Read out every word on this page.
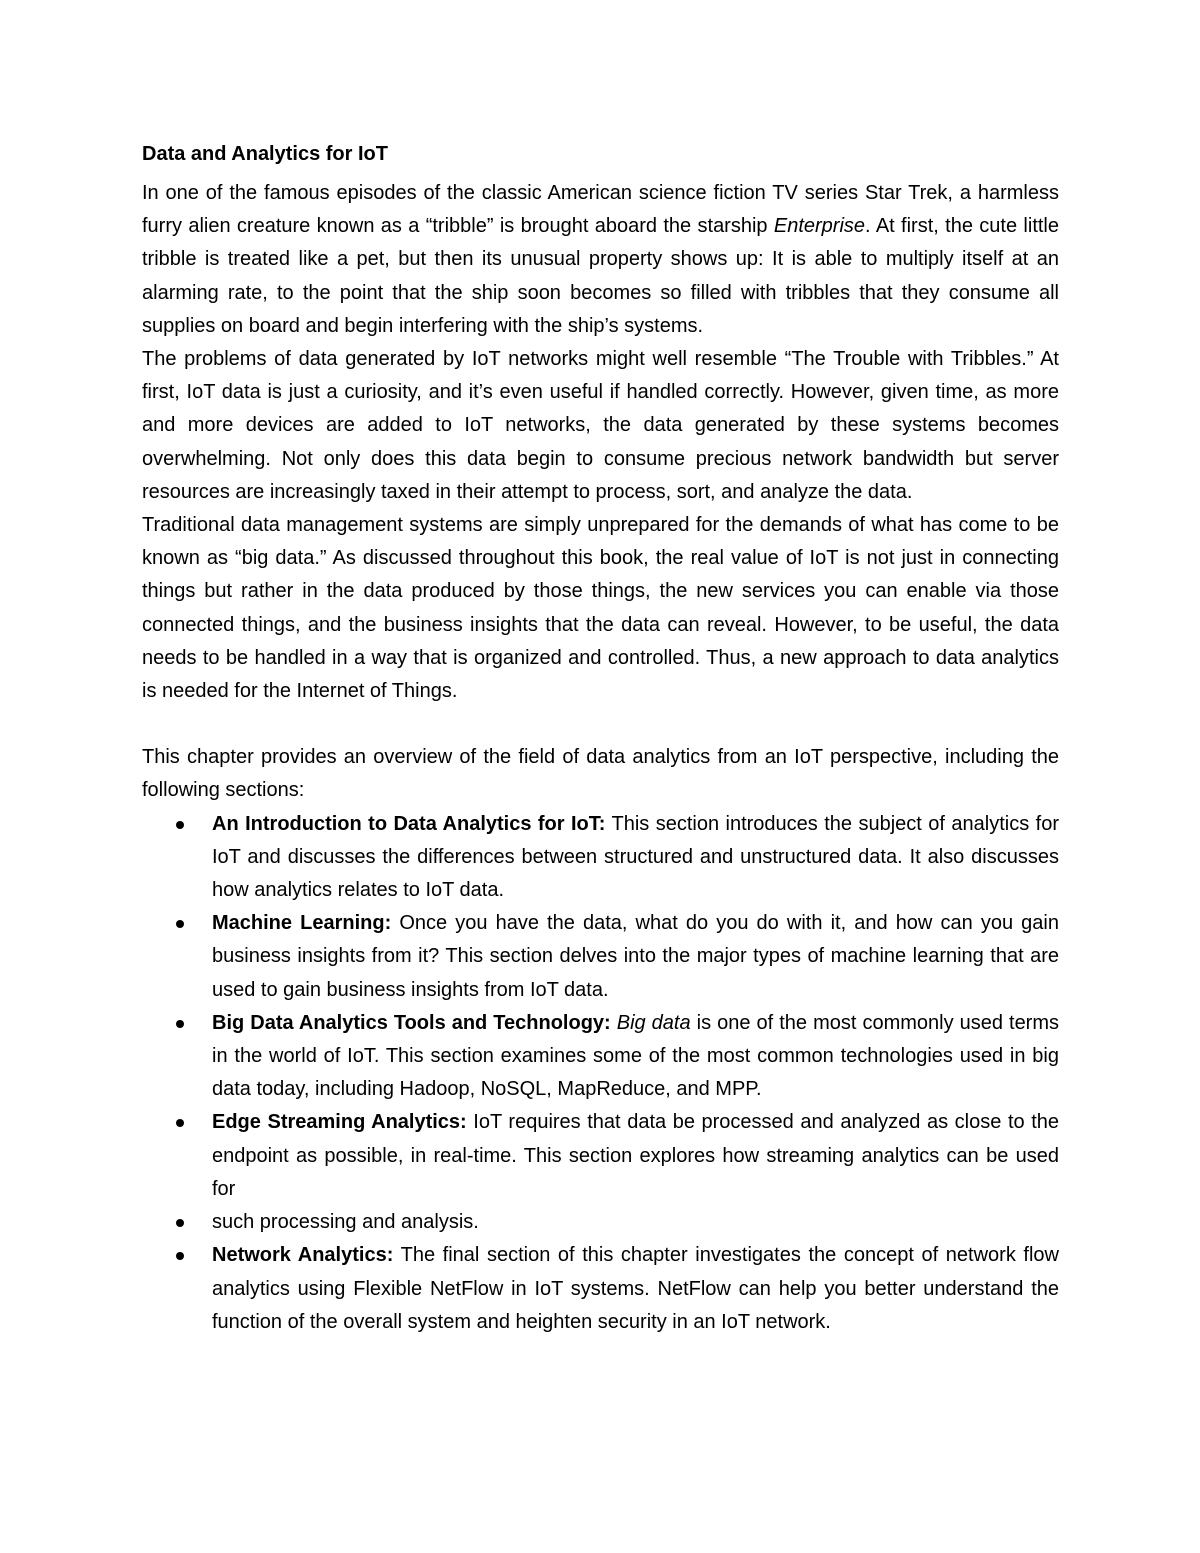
Data and Analytics for IoT

In one of the famous episodes of the classic American science fiction TV series Star Trek, a harmless furry alien creature known as a “tribble” is brought aboard the starship Enterprise. At first, the cute little tribble is treated like a pet, but then its unusual property shows up: It is able to multiply itself at an alarming rate, to the point that the ship soon becomes so filled with tribbles that they consume all supplies on board and begin interfering with the ship’s systems.

The problems of data generated by IoT networks might well resemble “The Trouble with Tribbles.” At first, IoT data is just a curiosity, and it’s even useful if handled correctly. However, given time, as more and more devices are added to IoT networks, the data generated by these systems becomes overwhelming. Not only does this data begin to consume precious network bandwidth but server resources are increasingly taxed in their attempt to process, sort, and analyze the data.

Traditional data management systems are simply unprepared for the demands of what has come to be known as “big data.” As discussed throughout this book, the real value of IoT is not just in connecting things but rather in the data produced by those things, the new services you can enable via those connected things, and the business insights that the data can reveal. However, to be useful, the data needs to be handled in a way that is organized and controlled. Thus, a new approach to data analytics is needed for the Internet of Things.

This chapter provides an overview of the field of data analytics from an IoT perspective, including the following sections:

An Introduction to Data Analytics for IoT: This section introduces the subject of analytics for IoT and discusses the differences between structured and unstructured data. It also discusses how analytics relates to IoT data.
Machine Learning: Once you have the data, what do you do with it, and how can you gain business insights from it? This section delves into the major types of machine learning that are used to gain business insights from IoT data.
Big Data Analytics Tools and Technology: Big data is one of the most commonly used terms in the world of IoT. This section examines some of the most common technologies used in big data today, including Hadoop, NoSQL, MapReduce, and MPP.
Edge Streaming Analytics: IoT requires that data be processed and analyzed as close to the endpoint as possible, in real-time. This section explores how streaming analytics can be used for
such processing and analysis.
Network Analytics: The final section of this chapter investigates the concept of network flow analytics using Flexible NetFlow in IoT systems. NetFlow can help you better understand the function of the overall system and heighten security in an IoT network.
